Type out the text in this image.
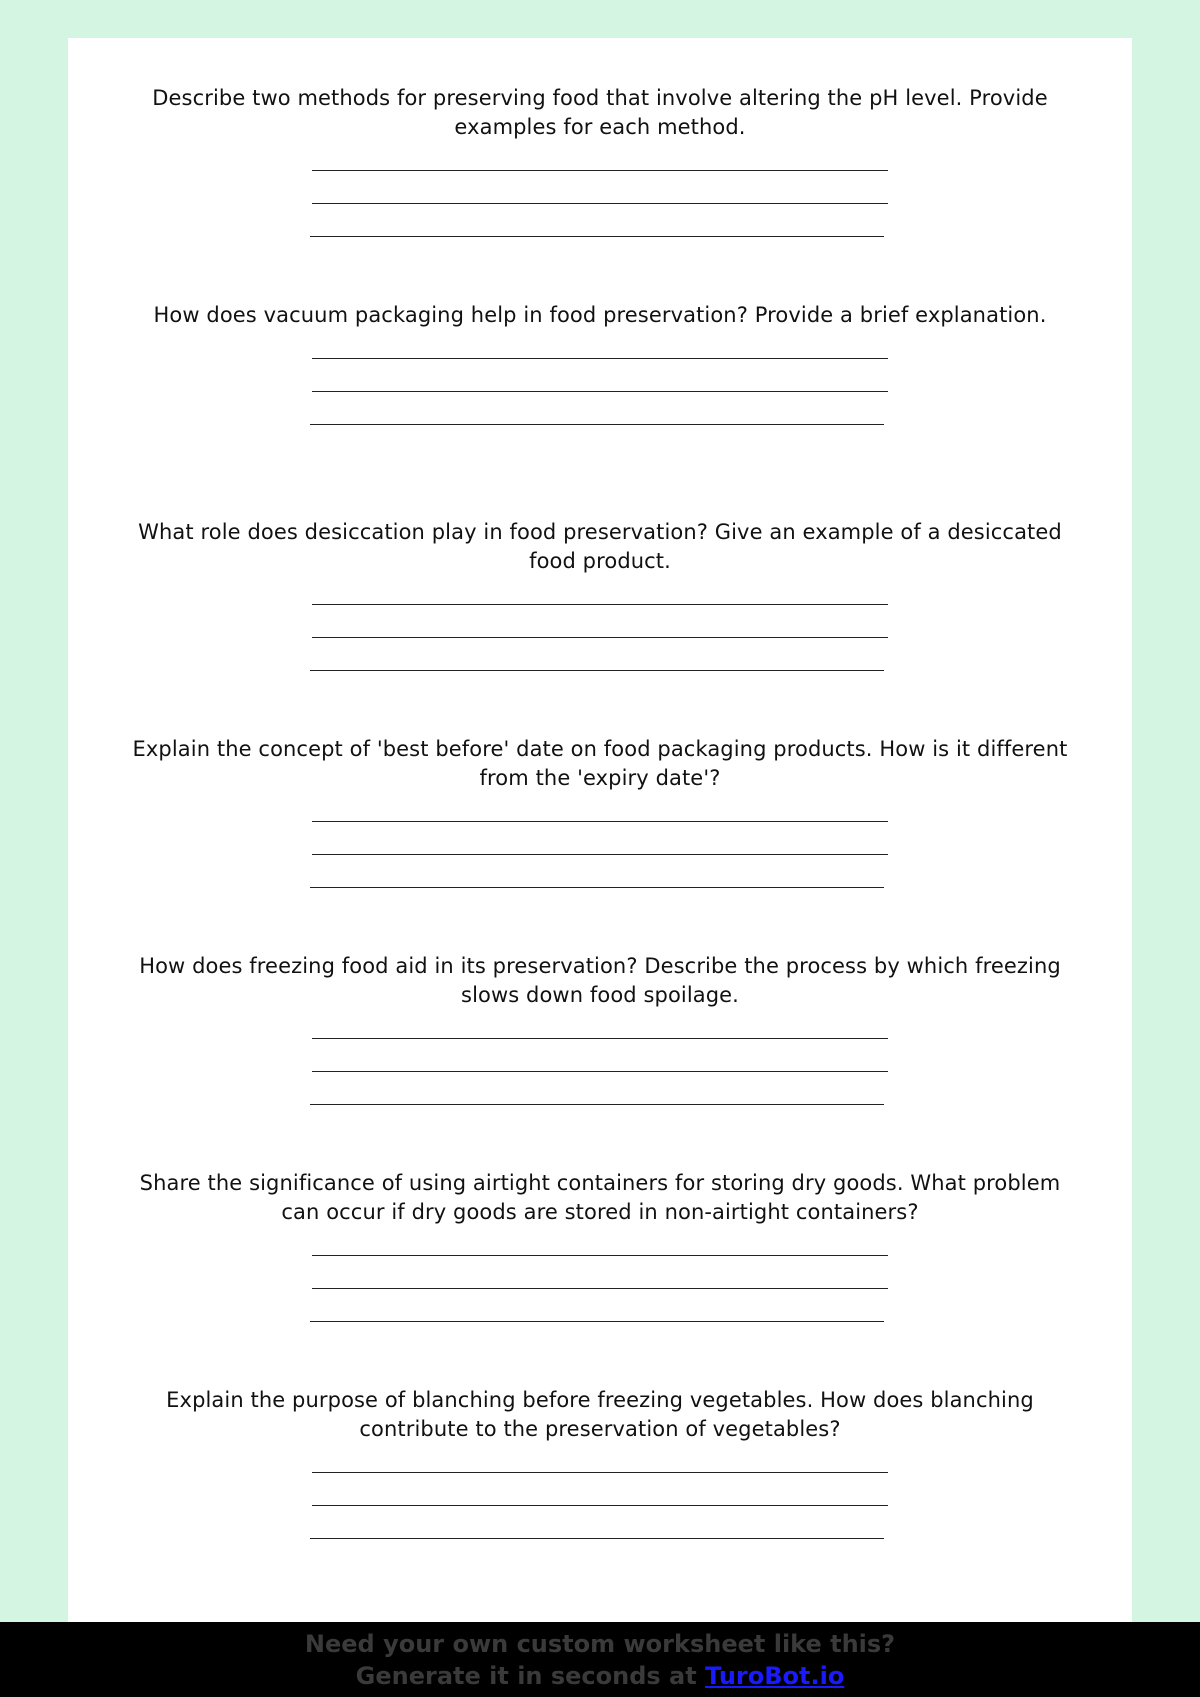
Describe two methods for preserving food that involve altering the pH level. Provide examples for each method.
How does vacuum packaging help in food preservation? Provide a brief explanation.
What role does desiccation play in food preservation? Give an example of a desiccated food product.
Explain the concept of 'best before' date on food packaging products. How is it different from the 'expiry date'?
How does freezing food aid in its preservation? Describe the process by which freezing slows down food spoilage.
Share the significance of using airtight containers for storing dry goods. What problem can occur if dry goods are stored in non-airtight containers?
Explain the purpose of blanching before freezing vegetables. How does blanching contribute to the preservation of vegetables?
Need your own custom worksheet like this?
Generate it in seconds at TuroBot.io
